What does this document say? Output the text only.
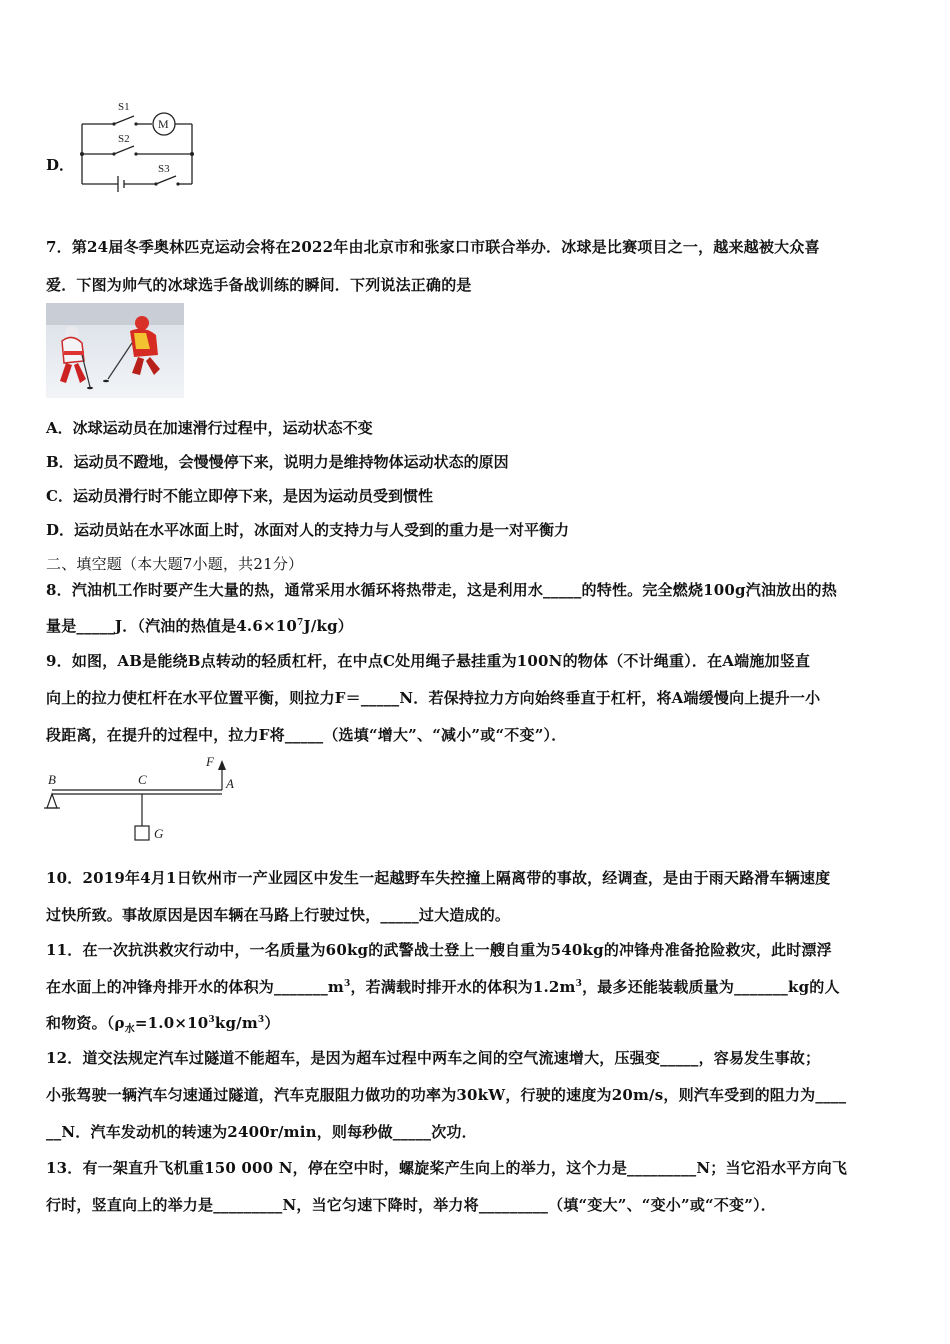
D．
S1
S2
M
S3
7．第24届冬季奥林匹克运动会将在2022年由北京市和张家口市联合举办．冰球是比赛项目之一，越来越被大众喜
爱．下图为帅气的冰球选手备战训练的瞬间．下列说法正确的是
A．冰球运动员在加速滑行过程中，运动状态不变
B．运动员不蹬地，会慢慢停下来，说明力是维持物体运动状态的原因
C．运动员滑行时不能立即停下来，是因为运动员受到惯性
D．运动员站在水平冰面上时，冰面对人的支持力与人受到的重力是一对平衡力
二、填空题（本大题7小题，共21分）
8．汽油机工作时要产生大量的热，通常采用水循环将热带走，这是利用水_____的特性。完全燃烧100g汽油放出的热
量是_____J．（汽油的热值是$4.6\times 10^7J/kg$）
9．如图，AB是能绕B点转动的轻质杠杆，在中点C处用绳子悬挂重为100N的物体（不计绳重）．在A端施加竖直
向上的拉力使杠杆在水平位置平衡，则拉力F＝_____N．若保持拉力方向始终垂直于杠杆，将A端缓慢向上提升一小
段距离，在提升的过程中，拉力F将_____（选填“增大”、“减小”或“不变”）．
B	C	A
F
G
10．2019年4月1日钦州市一产业园区中发生一起越野车失控撞上隔离带的事故，经调查，是由于雨天路滑车辆速度
过快所致。事故原因是因车辆在马路上行驶过快，_____过大造成的。
11．在一次抗洪救灾行动中，一名质量为60kg的武警战士登上一艘自重为540kg的冲锋舟准备抢险救灾，此时漂浮
在水面上的冲锋舟排开水的体积为$\_\_\_\_\_\_\_m^3$，若满载时排开水的体积为$1.2m^3$，最多还能装载质量为_______kg的人
和物资。$(\rho_水=1.0\times 10^3kg/m^3)$
12．道交法规定汽车过隧道不能超车，是因为超车过程中两车之间的空气流速增大，压强变_____，容易发生事故；
小张驾驶一辆汽车匀速通过隧道，汽车克服阻力做功的功率为30kW，行驶的速度为20m/s，则汽车受到的阻力为____
__N．汽车发动机的转速为2400r/min，则每秒做_____次功．
13．有一架直升飞机重150 000 N，停在空中时，螺旋桨产生向上的举力，这个力是_________N；当它沿水平方向飞
行时，竖直向上的举力是_________N，当它匀速下降时，举力将_________（填“变大”、“变小”或“不变”）．
